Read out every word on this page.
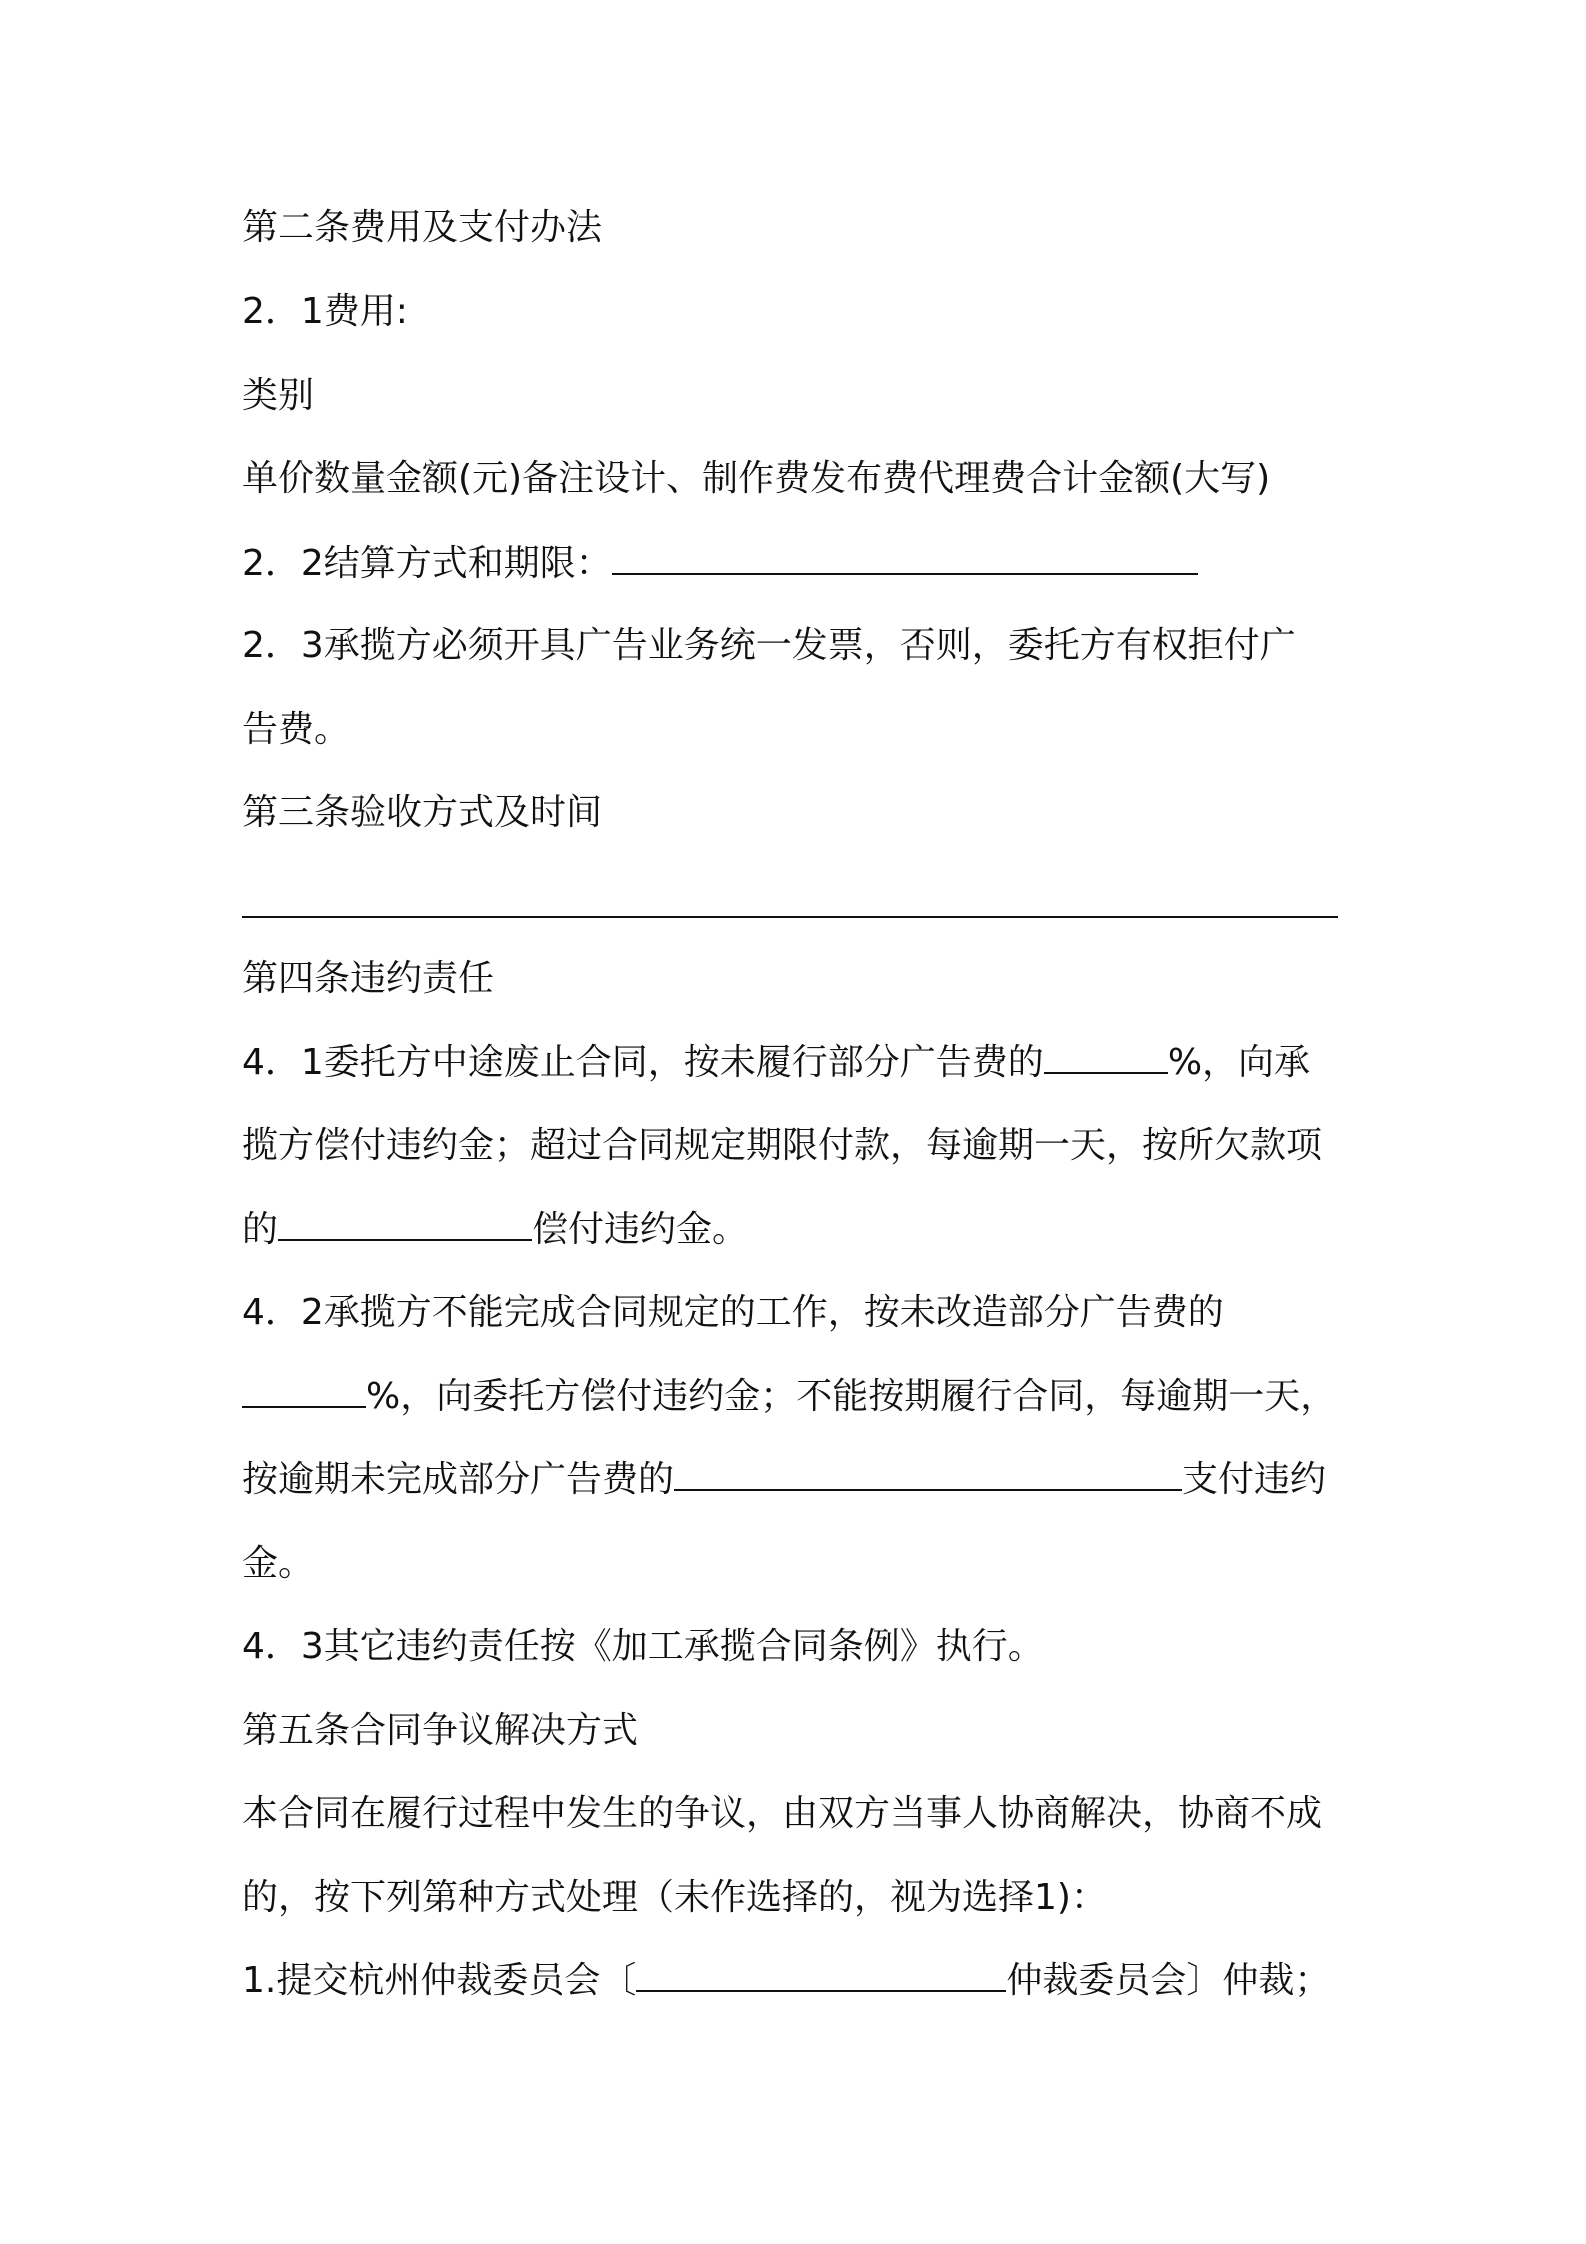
第二条费用及支付办法
2．1费用:
类别
单价数量金额(元)备注设计、制作费发布费代理费合计金额(大写)
2．2结算方式和期限：
2．3承揽方必须开具广告业务统一发票，否则，委托方有权拒付广
告费。
第三条验收方式及时间
第四条违约责任
4．1委托方中途废止合同，按未履行部分广告费的	%，向承
揽方偿付违约金；超过合同规定期限付款，每逾期一天，按所欠款项
的	偿付违约金。
4．2承揽方不能完成合同规定的工作，按未改造部分广告费的
%，向委托方偿付违约金；不能按期履行合同，每逾期一天，
按逾期未完成部分广告费的	支付违约
金。
4．3其它违约责任按《加工承揽合同条例》执行。
第五条合同争议解决方式
本合同在履行过程中发生的争议，由双方当事人协商解决，协商不成
的，按下列第种方式处理（未作选择的，视为选择1)：
1.提交杭州仲裁委员会〔	仲裁委员会〕仲裁；
